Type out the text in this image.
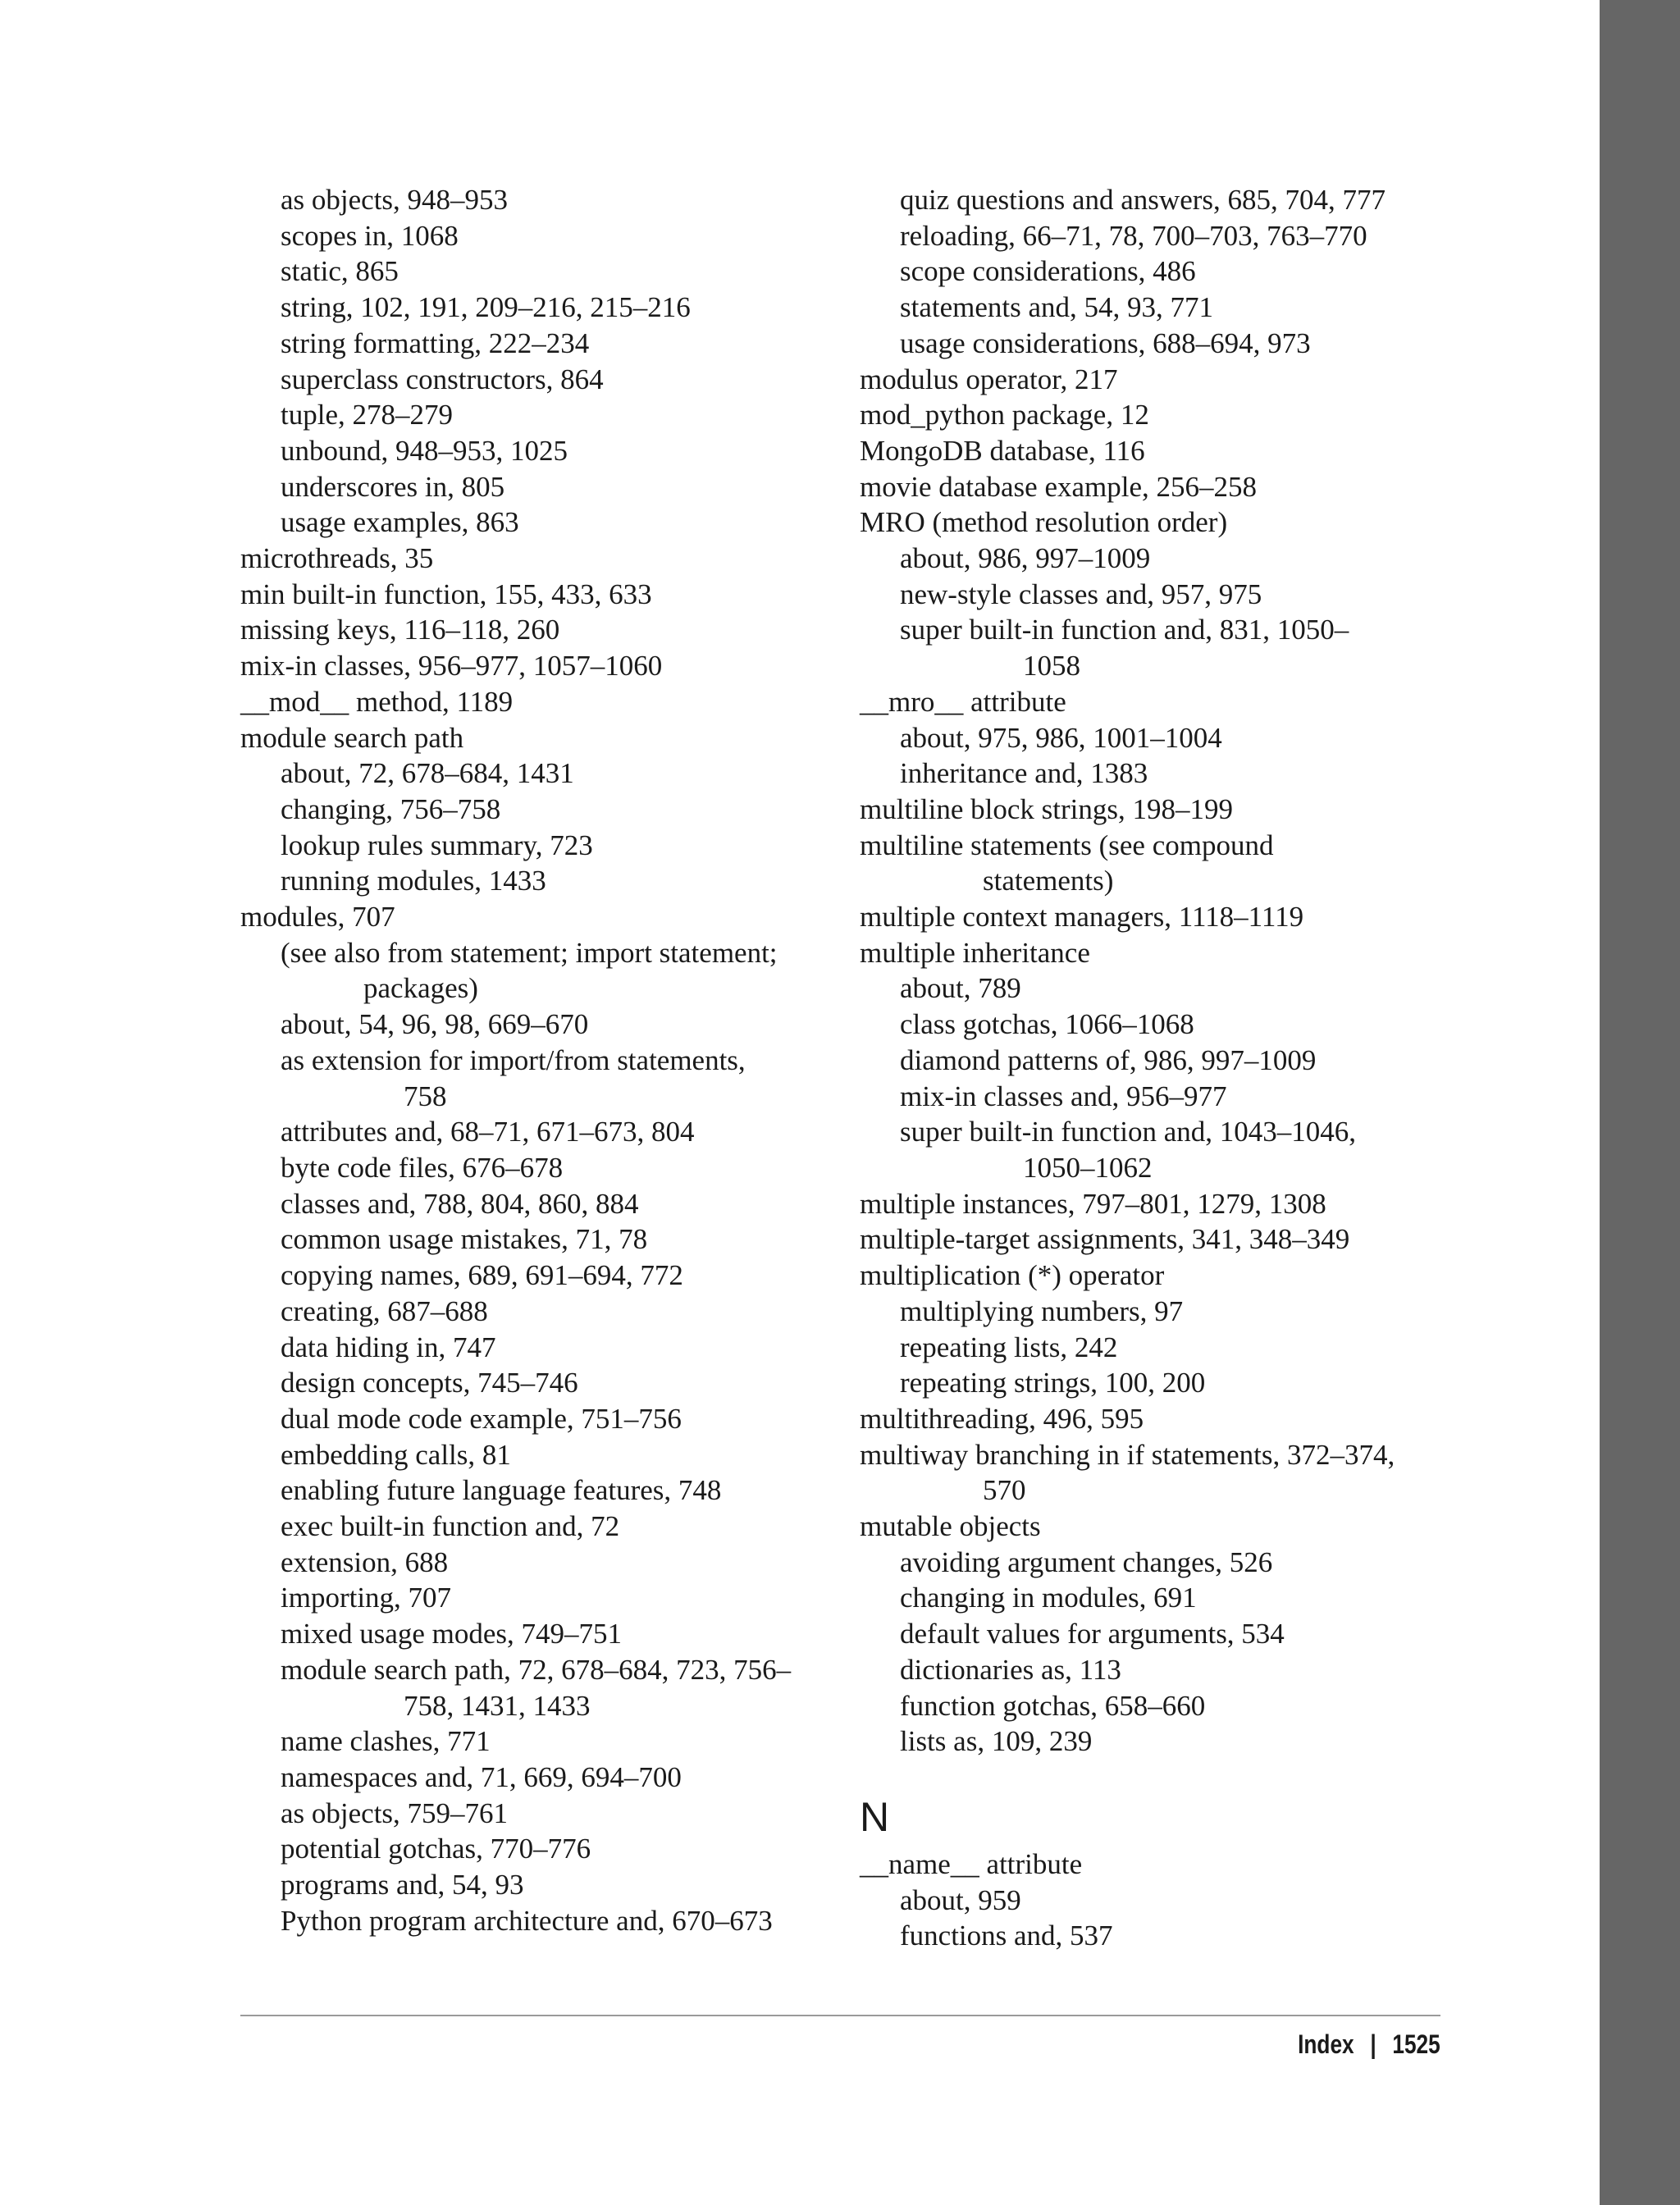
as objects, 948–953
scopes in, 1068
static, 865
string, 102, 191, 209–216, 215–216
string formatting, 222–234
superclass constructors, 864
tuple, 278–279
unbound, 948–953, 1025
underscores in, 805
usage examples, 863
microthreads, 35
min built-in function, 155, 433, 633
missing keys, 116–118, 260
mix-in classes, 956–977, 1057–1060
__mod__ method, 1189
module search path
about, 72, 678–684, 1431
changing, 756–758
lookup rules summary, 723
running modules, 1433
modules, 707
(see also from statement; import statement;
packages)
about, 54, 96, 98, 669–670
as extension for import/from statements,
758
attributes and, 68–71, 671–673, 804
byte code files, 676–678
classes and, 788, 804, 860, 884
common usage mistakes, 71, 78
copying names, 689, 691–694, 772
creating, 687–688
data hiding in, 747
design concepts, 745–746
dual mode code example, 751–756
embedding calls, 81
enabling future language features, 748
exec built-in function and, 72
extension, 688
importing, 707
mixed usage modes, 749–751
module search path, 72, 678–684, 723, 756–
758, 1431, 1433
name clashes, 771
namespaces and, 71, 669, 694–700
as objects, 759–761
potential gotchas, 770–776
programs and, 54, 93
Python program architecture and, 670–673
quiz questions and answers, 685, 704, 777
reloading, 66–71, 78, 700–703, 763–770
scope considerations, 486
statements and, 54, 93, 771
usage considerations, 688–694, 973
modulus operator, 217
mod_python package, 12
MongoDB database, 116
movie database example, 256–258
MRO (method resolution order)
about, 986, 997–1009
new-style classes and, 957, 975
super built-in function and, 831, 1050–
1058
__mro__ attribute
about, 975, 986, 1001–1004
inheritance and, 1383
multiline block strings, 198–199
multiline statements (see compound
statements)
multiple context managers, 1118–1119
multiple inheritance
about, 789
class gotchas, 1066–1068
diamond patterns of, 986, 997–1009
mix-in classes and, 956–977
super built-in function and, 1043–1046,
1050–1062
multiple instances, 797–801, 1279, 1308
multiple-target assignments, 341, 348–349
multiplication (*) operator
multiplying numbers, 97
repeating lists, 242
repeating strings, 100, 200
multithreading, 496, 595
multiway branching in if statements, 372–374,
570
mutable objects
avoiding argument changes, 526
changing in modules, 691
default values for arguments, 534
dictionaries as, 113
function gotchas, 658–660
lists as, 109, 239
N
__name__ attribute
about, 959
functions and, 537
Index | 1525
